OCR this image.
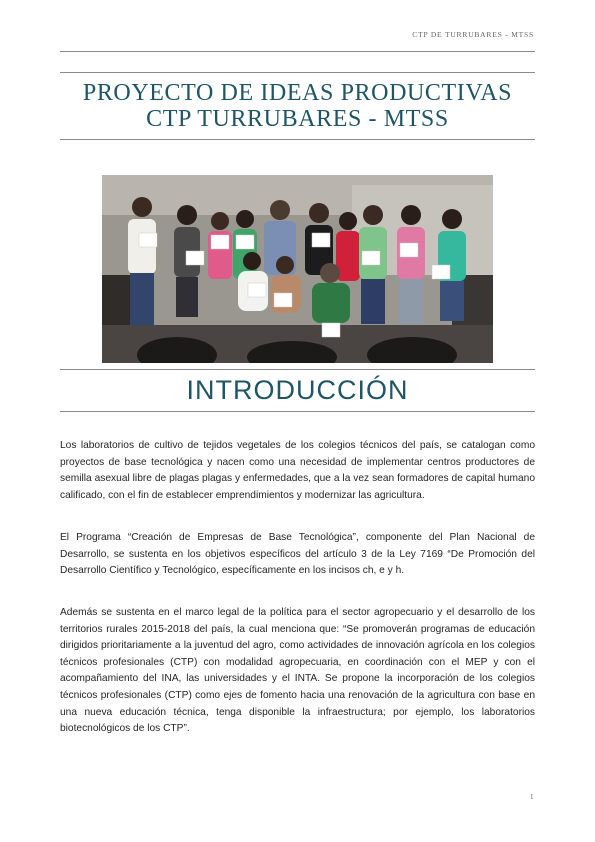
CTP DE TURRUBARES - MTSS
PROYECTO DE IDEAS PRODUCTIVAS
CTP TURRUBARES - MTSS
INTRODUCCIÓN

Los laboratorios de cultivo de tejidos vegetales de los colegios técnicos del país, se catalogan como proyectos de base tecnológica y nacen como una necesidad de implementar centros productores de semilla asexual libre de plagas plagas y enfermedades, que a la vez sean formadores de capital humano calificado, con el fin de establecer emprendimientos y modernizar las agricultura.

El Programa “Creación de Empresas de Base Tecnológica”, componente del Plan Nacional de Desarrollo, se sustenta en los objetivos específicos del artículo 3 de la Ley 7169 “De Promoción del Desarrollo Científico y Tecnológico, específicamente en los incisos ch, e y h.

Además se sustenta en el marco legal de la política para el sector agropecuario y el desarrollo de los territorios rurales 2015-2018 del país, la cual menciona que: “Se promoverán programas de educación dirigidos prioritariamente a la juventud del agro, como actividades de innovación agrícola en los colegios técnicos profesionales (CTP) con modalidad agropecuaria, en coordinación con el MEP y con el acompañamiento del INA, las universidades y el INTA. Se propone la incorporación de los colegios técnicos profesionales (CTP) como ejes de fomento hacia una renovación de la agricultura con base en una nueva educación técnica, tenga disponible la infraestructura; por ejemplo, los laboratorios biotecnológicos de los CTP”.

1
